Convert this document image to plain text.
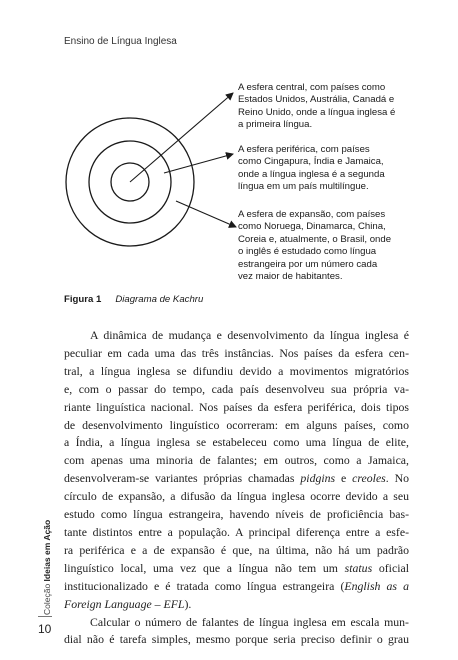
Ensino de Língua Inglesa
A esfera central, com países como
Estados Unidos, Austrália, Canadá e
Reino Unido, onde a língua inglesa é
a primeira língua.
A esfera periférica, com países
como Cingapura, Índia e Jamaica,
onde a língua inglesa é a segunda
língua em um país multilíngue.
A esfera de expansão, com países
como Noruega, Dinamarca, China,
Coreia e, atualmente, o Brasil, onde
o inglês é estudado como língua
estrangeira por um número cada
vez maior de habitantes.
Figura 1 Diagrama de Kachru
A dinâmica de mudança e desenvolvimento da língua inglesa é
peculiar em cada uma das três instâncias. Nos países da esfera cen-
tral, a língua inglesa se difundiu devido a movimentos migratórios
e, com o passar do tempo, cada país desenvolveu sua própria va-
riante linguística nacional. Nos países da esfera periférica, dois tipos
de desenvolvimento linguístico ocorreram: em alguns países, como
a Índia, a língua inglesa se estabeleceu como uma língua de elite,
com apenas uma minoria de falantes; em outros, como a Jamaica,
desenvolveram-se variantes próprias chamadas pidgins e creoles. No
círculo de expansão, a difusão da língua inglesa ocorre devido a seu
estudo como língua estrangeira, havendo níveis de proficiência bas-
tante distintos entre a população. A principal diferença entre a esfe-
ra periférica e a de expansão é que, na última, não há um padrão
linguístico local, uma vez que a língua não tem um status oficial
institucionalizado e é tratada como língua estrangeira (English as a
Foreign Language – EFL).
Calcular o número de falantes de língua inglesa em escala mun-
dial não é tarefa simples, mesmo porque seria preciso definir o grau
Coleção Ideias em Ação
10
